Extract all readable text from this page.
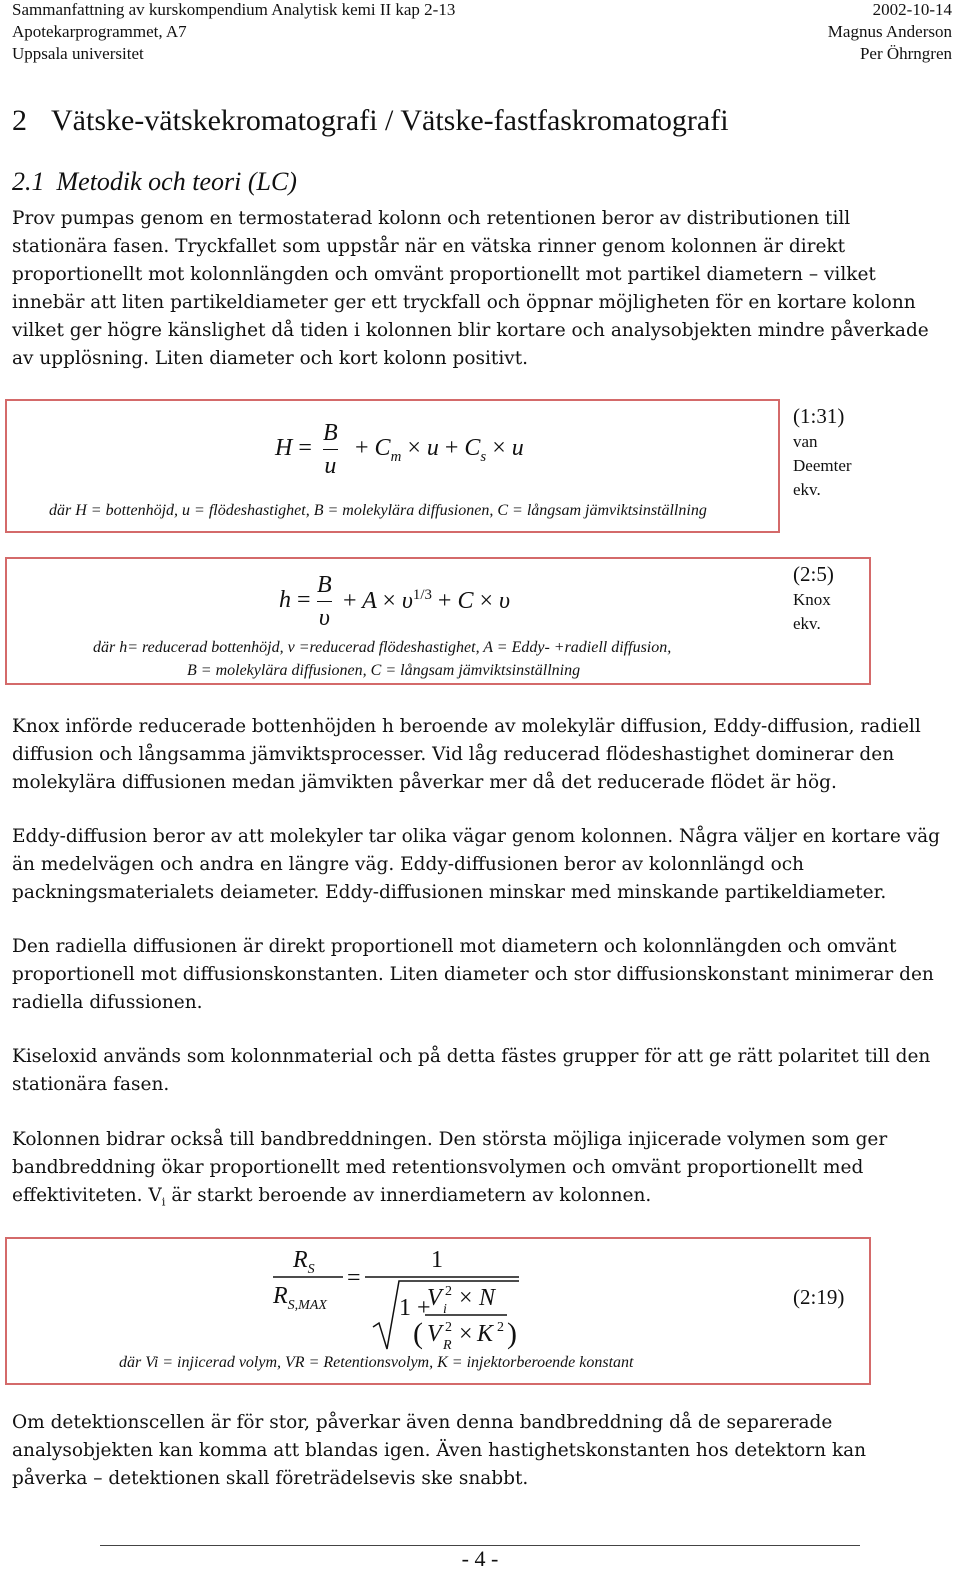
Sammanfattning av kurskompendium Analytisk kemi II kap 2-13	2002-10-14
Apotekarprogrammet, A7	Magnus Anderson
Uppsala universitet	Per Öhrngren
2 Vätske-vätskekromatografi / Vätske-fastfaskromatografi
2.1 Metodik och teori (LC)
Prov pumpas genom en termostaterad kolonn och retentionen beror av distributionen till stationära fasen. Tryckfallet som uppstår när en vätska rinner genom kolonnen är direkt proportionellt mot kolonnlängden och omvänt proportionellt mot partikel diametern – vilket innebär att liten partikeldiameter ger ett tryckfall och öppnar möjligheten för en kortare kolonn vilket ger högre känslighet då tiden i kolonnen blir kortare och analysobjekten mindre påverkade av upplösning. Liten diameter och kort kolonn positivt.
H =
B
u
+ $C_m \times u + C_s \times u$
där H = bottenhöjd, u = flödeshastighet, B = molekylära diffusionen, C = långsam jämviktsinställning
(1:31)
van
Deemter
ekv.
h =
B
υ
+ $A \times \upsilon^{1/3} + C \times \upsilon$
där h= reducerad bottenhöjd, ν =reducerad flödeshastighet, A = Eddy- +radiell diffusion,
B = molekylära diffusionen, C = långsam jämviktsinställning
(2:5)
Knox
ekv.
Knox införde reducerade bottenhöjden h beroende av molekylär diffusion, Eddy-diffusion, radiell diffusion och långsamma jämviktsprocesser. Vid låg reducerad flödeshastighet dominerar den molekylära diffusionen medan jämvikten påverkar mer då det reducerade flödet är hög.
Eddy-diffusion beror av att molekyler tar olika vägar genom kolonnen. Några väljer en kortare väg än medelvägen och andra en längre väg. Eddy-diffusionen beror av kolonnlängd och packningsmaterialets deiameter. Eddy-diffusionen minskar med minskande partikeldiameter.
Den radiella diffusionen är direkt proportionell mot diametern och kolonnlängden och omvänt proportionell mot diffusionskonstanten. Liten diameter och stor diffusionskonstant minimerar den radiella difussionen.
Kiseloxid används som kolonnmaterial och på detta fästes grupper för att ge rätt polaritet till den stationära fasen.
Kolonnen bidrar också till bandbreddningen. Den största möjliga injicerade volymen som ger bandbreddning ökar proportionellt med retentionsvolymen och omvänt proportionellt med effektiviteten. $V_i$ är starkt beroende av innerdiametern av kolonnen.
$R_S$
$R_{S,MAX}$
=
1
1 +
V 2
i × N
( V 2
R × K 2 )
där Vi = injicerad volym, VR = Retentionsvolym, K = injektorberoende konstant
(2:19)
Om detektionscellen är för stor, påverkar även denna bandbreddning då de separerade analysobjekten kan komma att blandas igen. Även hastighetskonstanten hos detektorn kan påverka – detektionen skall företrädelsevis ske snabbt.
- 4 -
